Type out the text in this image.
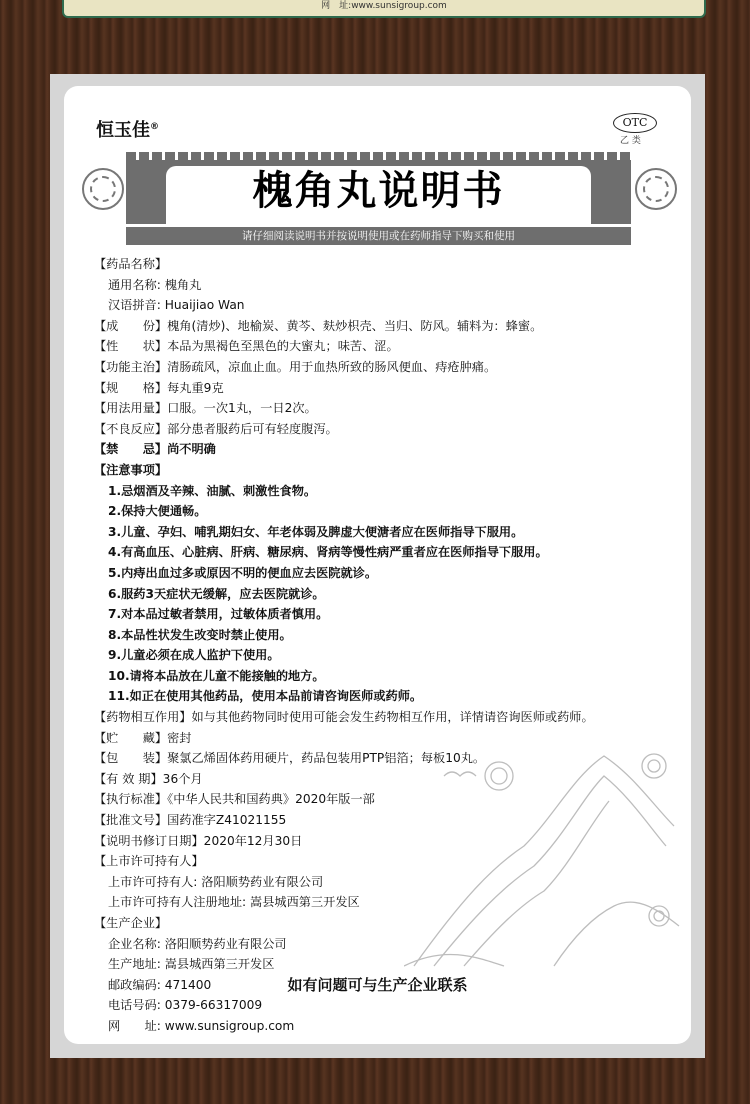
网　址:www.sunsigroup.com
恒玉佳®	OTC
乙 类
槐角丸说明书
请仔细阅读说明书并按说明使用或在药师指导下购买和使用
【药品名称】
通用名称: 槐角丸
汉语拼音: Huaijiao Wan
【成　　份】槐角(清炒)、地榆炭、黄芩、麸炒枳壳、当归、防风。辅料为：蜂蜜。
【性　　状】本品为黑褐色至黑色的大蜜丸；味苦、涩。
【功能主治】清肠疏风，凉血止血。用于血热所致的肠风便血、痔疮肿痛。
【规　　格】每丸重9克
【用法用量】口服。一次1丸，一日2次。
【不良反应】部分患者服药后可有轻度腹泻。
【禁　　忌】尚不明确
【注意事项】
1.忌烟酒及辛辣、油腻、刺激性食物。
2.保持大便通畅。
3.儿童、孕妇、哺乳期妇女、年老体弱及脾虚大便溏者应在医师指导下服用。
4.有高血压、心脏病、肝病、糖尿病、肾病等慢性病严重者应在医师指导下服用。
5.内痔出血过多或原因不明的便血应去医院就诊。
6.服药3天症状无缓解，应去医院就诊。
7.对本品过敏者禁用，过敏体质者慎用。
8.本品性状发生改变时禁止使用。
9.儿童必须在成人监护下使用。
10.请将本品放在儿童不能接触的地方。
11.如正在使用其他药品，使用本品前请咨询医师或药师。
【药物相互作用】如与其他药物同时使用可能会发生药物相互作用，详情请咨询医师或药师。
【贮　　藏】密封
【包　　装】聚氯乙烯固体药用硬片，药品包装用PTP铝箔；每板10丸。
【有 效 期】36个月
【执行标准】《中华人民共和国药典》2020年版一部
【批准文号】国药准字Z41021155
【说明书修订日期】2020年12月30日
【上市许可持有人】
上市许可持有人: 洛阳顺势药业有限公司
上市许可持有人注册地址: 嵩县城西第三开发区
【生产企业】
企业名称: 洛阳顺势药业有限公司
生产地址: 嵩县城西第三开发区
邮政编码: 471400
电话号码: 0379-66317009
网　　址: www.sunsigroup.com
如有问题可与生产企业联系
